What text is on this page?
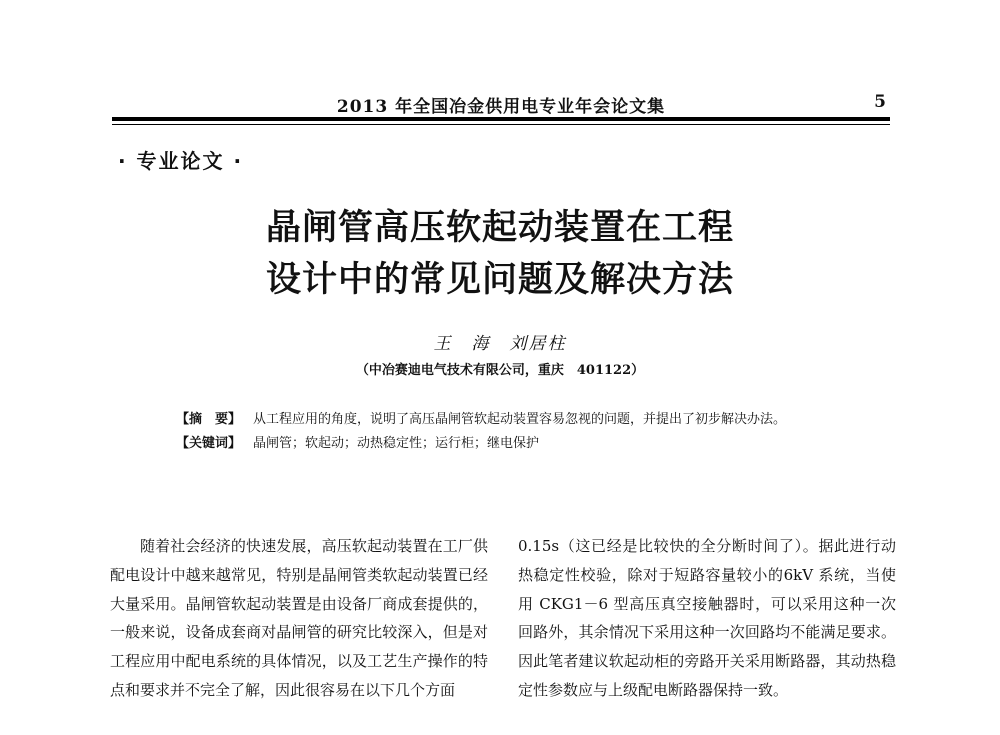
2013 年全国冶金供用电专业年会论文集	5
· 专业论文 ·
晶闸管高压软起动装置在工程
设计中的常见问题及解决方法
王　海　刘居柱
（中冶赛迪电气技术有限公司，重庆　401122）
【摘　要】 从工程应用的角度，说明了高压晶闸管软起动装置容易忽视的问题，并提出了初步解决办法。
【关键词】 晶闸管；软起动；动热稳定性；运行柜；继电保护

随着社会经济的快速发展，高压软起动装置在工厂供配电设计中越来越常见，特别是晶闸管类软起动装置已经大量采用。晶闸管软起动装置是由设备厂商成套提供的，一般来说，设备成套商对晶闸管的研究比较深入，但是对工程应用中配电系统的具体情况，以及工艺生产操作的特点和要求并不完全了解，因此很容易在以下几个方面

0.15s（这已经是比较快的全分断时间了）。据此进行动热稳定性校验，除对于短路容量较小的6kV 系统，当使用 CKG1－6 型高压真空接触器时，可以采用这种一次回路外，其余情况下采用这种一次回路均不能满足要求。因此笔者建议软起动柜的旁路开关采用断路器，其动热稳定性参数应与上级配电断路器保持一致。
